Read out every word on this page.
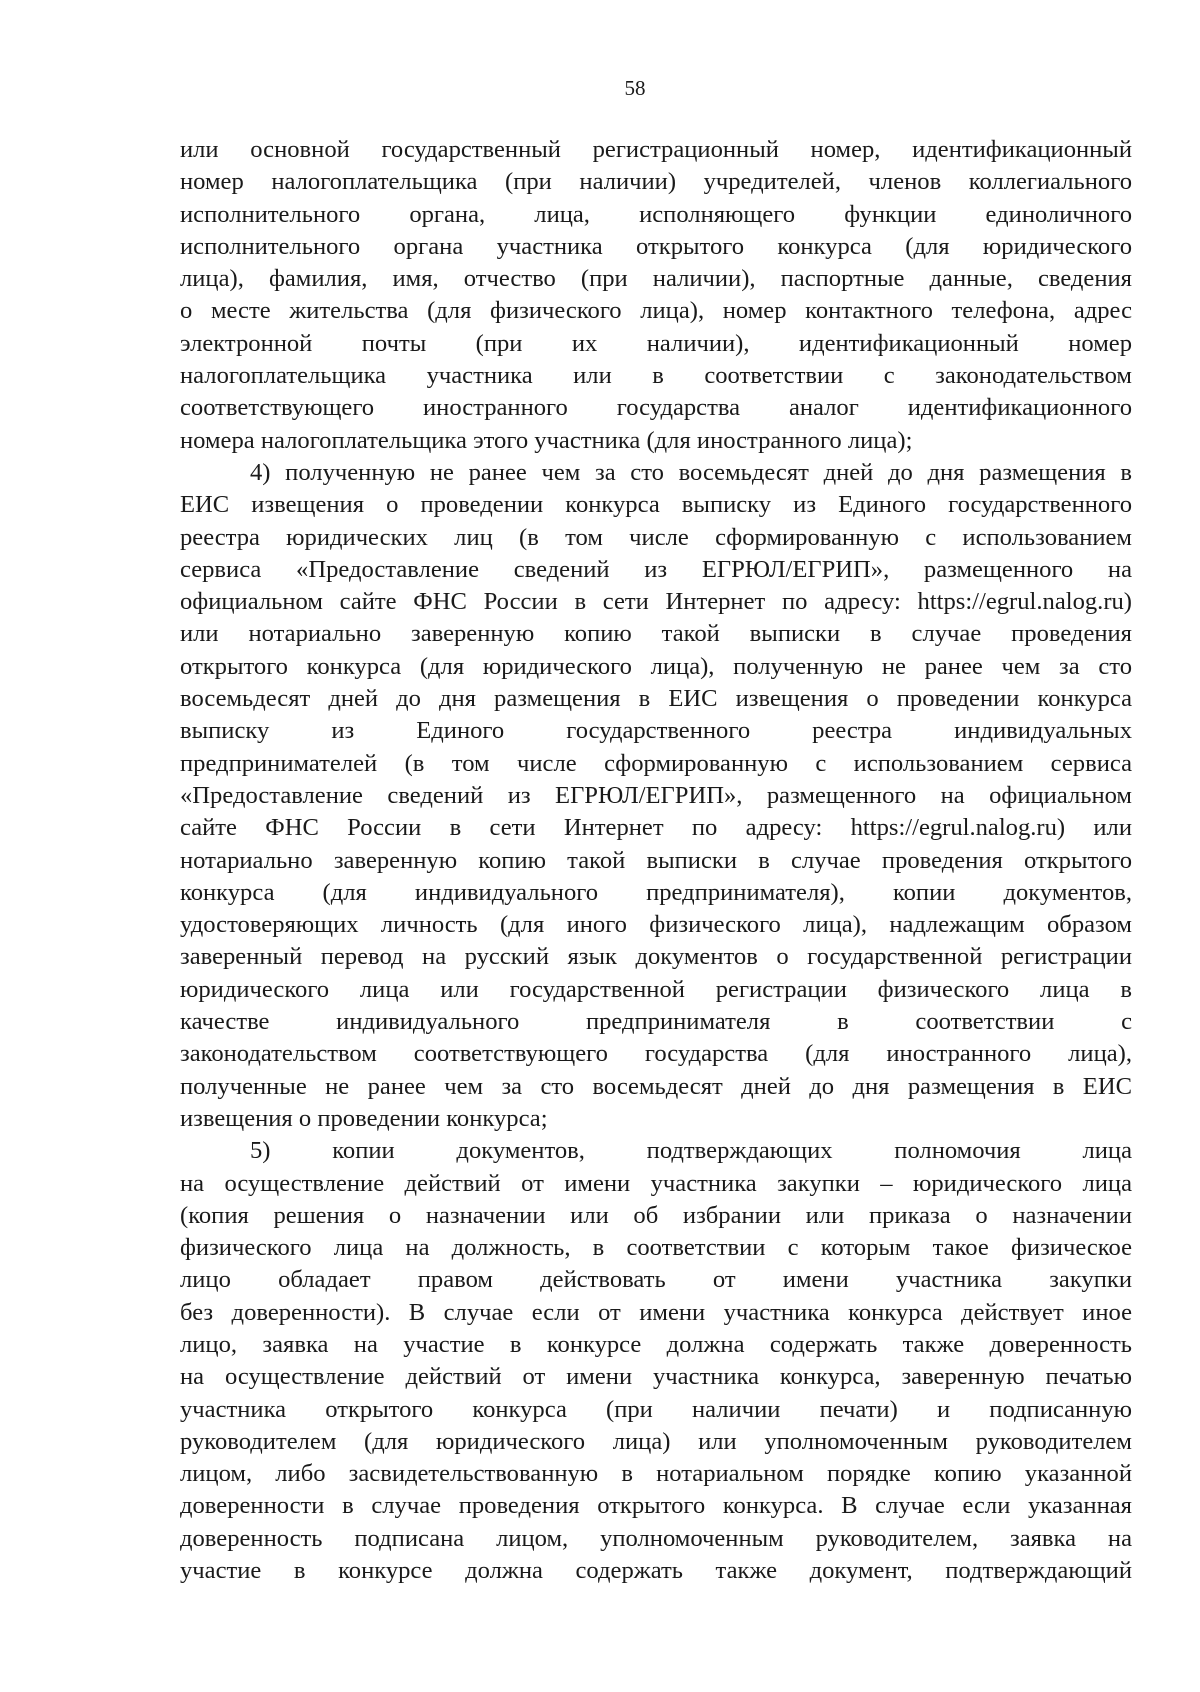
58
или основной государственный регистрационный номер, идентификационный
номер налогоплательщика (при наличии) учредителей, членов коллегиального
исполнительного органа, лица, исполняющего функции единоличного
исполнительного органа участника открытого конкурса (для юридического
лица), фамилия, имя, отчество (при наличии), паспортные данные, сведения
о месте жительства (для физического лица), номер контактного телефона, адрес
электронной почты (при их наличии), идентификационный номер
налогоплательщика участника или в соответствии с законодательством
соответствующего иностранного государства аналог идентификационного
номера налогоплательщика этого участника (для иностранного лица);
4) полученную не ранее чем за сто восемьдесят дней до дня размещения в
ЕИС извещения о проведении конкурса выписку из Единого государственного
реестра юридических лиц (в том числе сформированную с использованием
сервиса «Предоставление сведений из ЕГРЮЛ/ЕГРИП», размещенного на
официальном сайте ФНС России в сети Интернет по адресу: https://egrul.nalog.ru)
или нотариально заверенную копию такой выписки в случае проведения
открытого конкурса (для юридического лица), полученную не ранее чем за сто
восемьдесят дней до дня размещения в ЕИС извещения о проведении конкурса
выписку из Единого государственного реестра индивидуальных
предпринимателей (в том числе сформированную с использованием сервиса
«Предоставление сведений из ЕГРЮЛ/ЕГРИП», размещенного на официальном
сайте ФНС России в сети Интернет по адресу: https://egrul.nalog.ru) или
нотариально заверенную копию такой выписки в случае проведения открытого
конкурса (для индивидуального предпринимателя), копии документов,
удостоверяющих личность (для иного физического лица), надлежащим образом
заверенный перевод на русский язык документов о государственной регистрации
юридического лица или государственной регистрации физического лица в
качестве индивидуального предпринимателя в соответствии с
законодательством соответствующего государства (для иностранного лица),
полученные не ранее чем за сто восемьдесят дней до дня размещения в ЕИС
извещения о проведении конкурса;
5) копии документов, подтверждающих полномочия лица
на осуществление действий от имени участника закупки – юридического лица
(копия решения о назначении или об избрании или приказа о назначении
физического лица на должность, в соответствии с которым такое физическое
лицо обладает правом действовать от имени участника закупки
без доверенности). В случае если от имени участника конкурса действует иное
лицо, заявка на участие в конкурсе должна содержать также доверенность
на осуществление действий от имени участника конкурса, заверенную печатью
участника открытого конкурса (при наличии печати) и подписанную
руководителем (для юридического лица) или уполномоченным руководителем
лицом, либо засвидетельствованную в нотариальном порядке копию указанной
доверенности в случае проведения открытого конкурса. В случае если указанная
доверенность подписана лицом, уполномоченным руководителем, заявка на
участие в конкурсе должна содержать также документ, подтверждающий
